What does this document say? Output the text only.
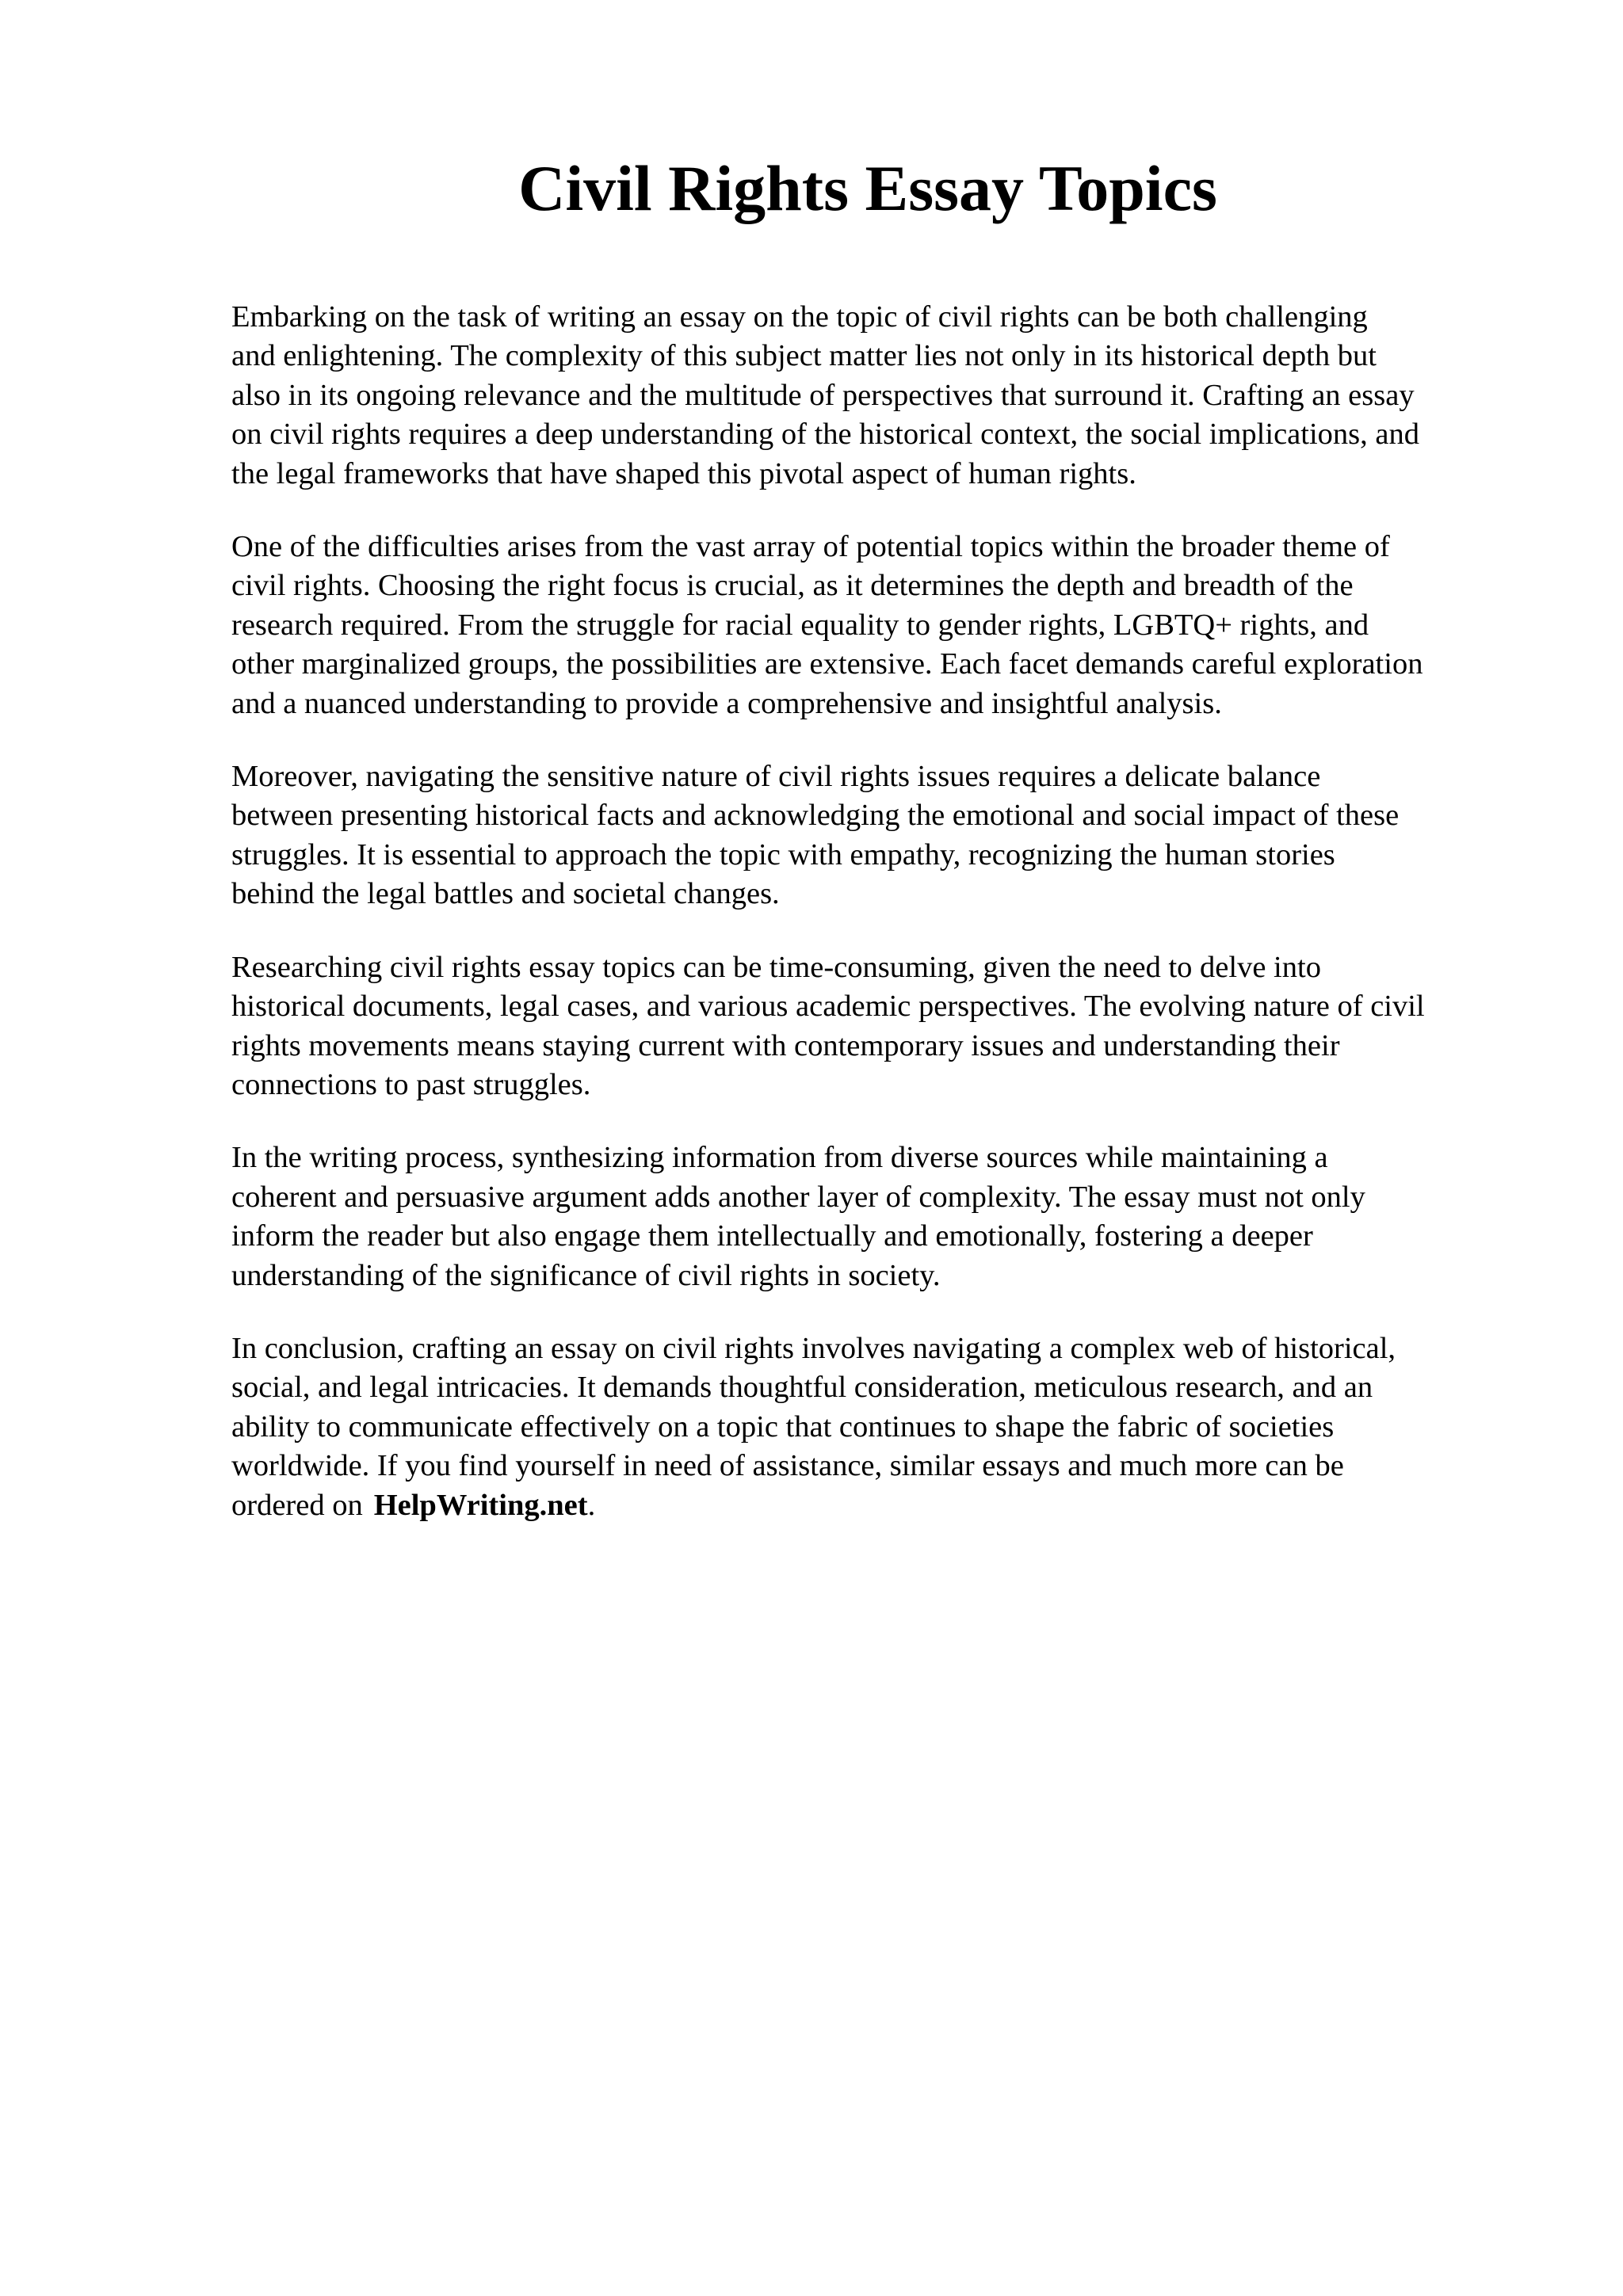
Civil Rights Essay Topics

Embarking on the task of writing an essay on the topic of civil rights can be both challenging
and enlightening. The complexity of this subject matter lies not only in its historical depth but
also in its ongoing relevance and the multitude of perspectives that surround it. Crafting an essay
on civil rights requires a deep understanding of the historical context, the social implications, and
the legal frameworks that have shaped this pivotal aspect of human rights.

One of the difficulties arises from the vast array of potential topics within the broader theme of
civil rights. Choosing the right focus is crucial, as it determines the depth and breadth of the
research required. From the struggle for racial equality to gender rights, LGBTQ+ rights, and
other marginalized groups, the possibilities are extensive. Each facet demands careful exploration
and a nuanced understanding to provide a comprehensive and insightful analysis.

Moreover, navigating the sensitive nature of civil rights issues requires a delicate balance
between presenting historical facts and acknowledging the emotional and social impact of these
struggles. It is essential to approach the topic with empathy, recognizing the human stories
behind the legal battles and societal changes.

Researching civil rights essay topics can be time-consuming, given the need to delve into
historical documents, legal cases, and various academic perspectives. The evolving nature of civil
rights movements means staying current with contemporary issues and understanding their
connections to past struggles.

In the writing process, synthesizing information from diverse sources while maintaining a
coherent and persuasive argument adds another layer of complexity. The essay must not only
inform the reader but also engage them intellectually and emotionally, fostering a deeper
understanding of the significance of civil rights in society.

In conclusion, crafting an essay on civil rights involves navigating a complex web of historical,
social, and legal intricacies. It demands thoughtful consideration, meticulous research, and an
ability to communicate effectively on a topic that continues to shape the fabric of societies
worldwide. If you find yourself in need of assistance, similar essays and much more can be
ordered on HelpWriting.net.
